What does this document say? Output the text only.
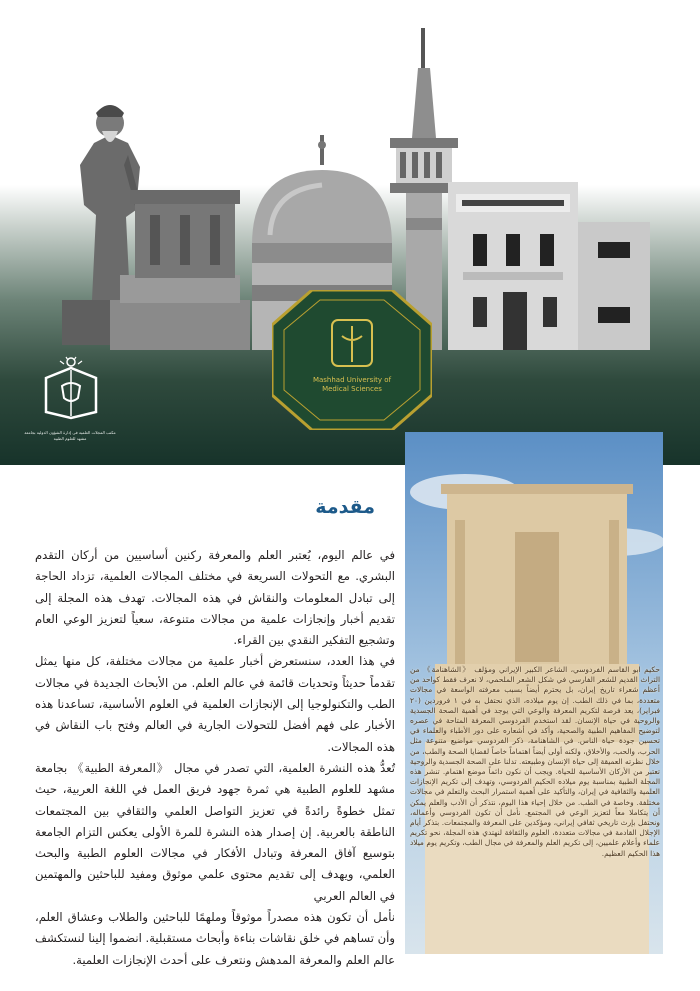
Mashhad University of
Medical Sciences
مکتب المجلات العلمیة فی إدارة الشؤون الدولیة بجامعة مشهد للعلوم الطبیة
حکیم ابو القاسم الفردوسي، الشاعر الكبير الإيراني ومؤلف 《الشاهنامة》 من التراث القديم للشعر الفارسي في شكل الشعر الملحمي، لا نعرف فقط كواحد من أعظم شعراء تاريخ إيران، بل يحترم أيضاً بسبب معرفته الواسعة في مجالات متعددة، بما في ذلك الطب. إن يوم ميلاده، الذي نحتفل به في ١ فروردين (٢٠ فبراير)، يعد فرصة لتكريم المعرفة والوعي التي يوجد في أهمية الصحة الجسدية والروحية في حياة الإنسان. لقد استخدم الفردوسي المعرفة المتاحة في عصره لتوضيح المفاهيم الطبية والصحية، وأكد في أشعاره على دور الأطباء والعلماء في تحسين جودة حياة الناس. في الشاهنامة، ذكر الفردوسي مواضيع متنوعة مثل الحرب، والحب، والأخلاق، ولكنه أولى أيضاً اهتماماً خاصاً لقضايا الصحة والطب، من خلال نظرته العميقة إلى حياة الإنسان وطبيعته. تدلنا على الصحة الجسدية والروحية تعتبر من الأركان الأساسية للحياة. ويجب أن نكون دائماً موضع اهتمام. تنشر هذه المجلة الطبية بمناسبة يوم ميلاده الحكيم الفردوسي، وتهدف إلى تكريم الإنجازات العلمية والثقافية في إيران، والتأكيد على أهمية استمرار البحث والتعلم في مجالات مختلفة. وخاصة في الطب. من خلال إحياء هذا اليوم، نتذكر أن الأدب والعلم يمكن أن يتكاملا معاً لتعزيز الوعي في المجتمع. نأمل أن تكون الفردوسي وأعماله، ونحتفل بإرث تاريخي ثقافي إيراني، ومؤكدين على المعرفة والمجتمعات. بتذكر أيام الإجلال القادمة في مجالات متعددة، العلوم والثقافة لنهتدي هذه المجلة، نحو تكريم علماء وأعلام علميين، إلى تكريم العلم والمعرفة في مجال الطب، وتكريم يوم ميلاد هذا الحكيم العظيم.
مقدمة

في عالم اليوم، يُعتبر العلم والمعرفة ركنين أساسيين من أركان التقدم البشري. مع التحولات السريعة في مختلف المجالات العلمية، تزداد الحاجة إلى تبادل المعلومات والنقاش في هذه المجالات. تهدف هذه المجلة إلى تقديم أخبار وإنجازات علمية من مجالات متنوعة، سعياً لتعزيز الوعي العام وتشجيع التفكير النقدي بين القراء.

في هذا العدد، سنستعرض أخبار علمية من مجالات مختلفة، كل منها يمثل تقدماً حديثاً وتحديات قائمة في عالم العلم. من الأبحاث الجديدة في مجالات الطب والتكنولوجيا إلى الإنجازات العلمية في العلوم الأساسية، تساعدنا هذه الأخبار على فهم أفضل للتحولات الجارية في العالم وفتح باب النقاش في هذه المجالات.

تُعدُّ هذه النشرة العلمية، التي تصدر في مجال 《المعرفة الطبية》 بجامعة مشهد للعلوم الطبية هي ثمرة جهود فريق العمل في اللغة العربية، حيث تمثل خطوةً رائدةً في تعزيز التواصل العلمي والثقافي بين المجتمعات الناطقة بالعربية. إن إصدار هذه النشرة للمرة الأولى يعكس التزام الجامعة بتوسيع آفاق المعرفة وتبادل الأفكار في مجالات العلوم الطبية والبحث العلمي، ويهدف إلى تقديم محتوى علمي موثوق ومفيد للباحثين والمهتمين في العالم العربي

نأمل أن تكون هذه مصدراً موثوقاً وملهمًا للباحثين والطلاب وعشاق العلم، وأن تساهم في خلق نقاشات بناءة وأبحاث مستقبلية. انضموا إلينا لنستكشف عالم العلم والمعرفة المدهش ونتعرف على أحدث الإنجازات العلمية.
